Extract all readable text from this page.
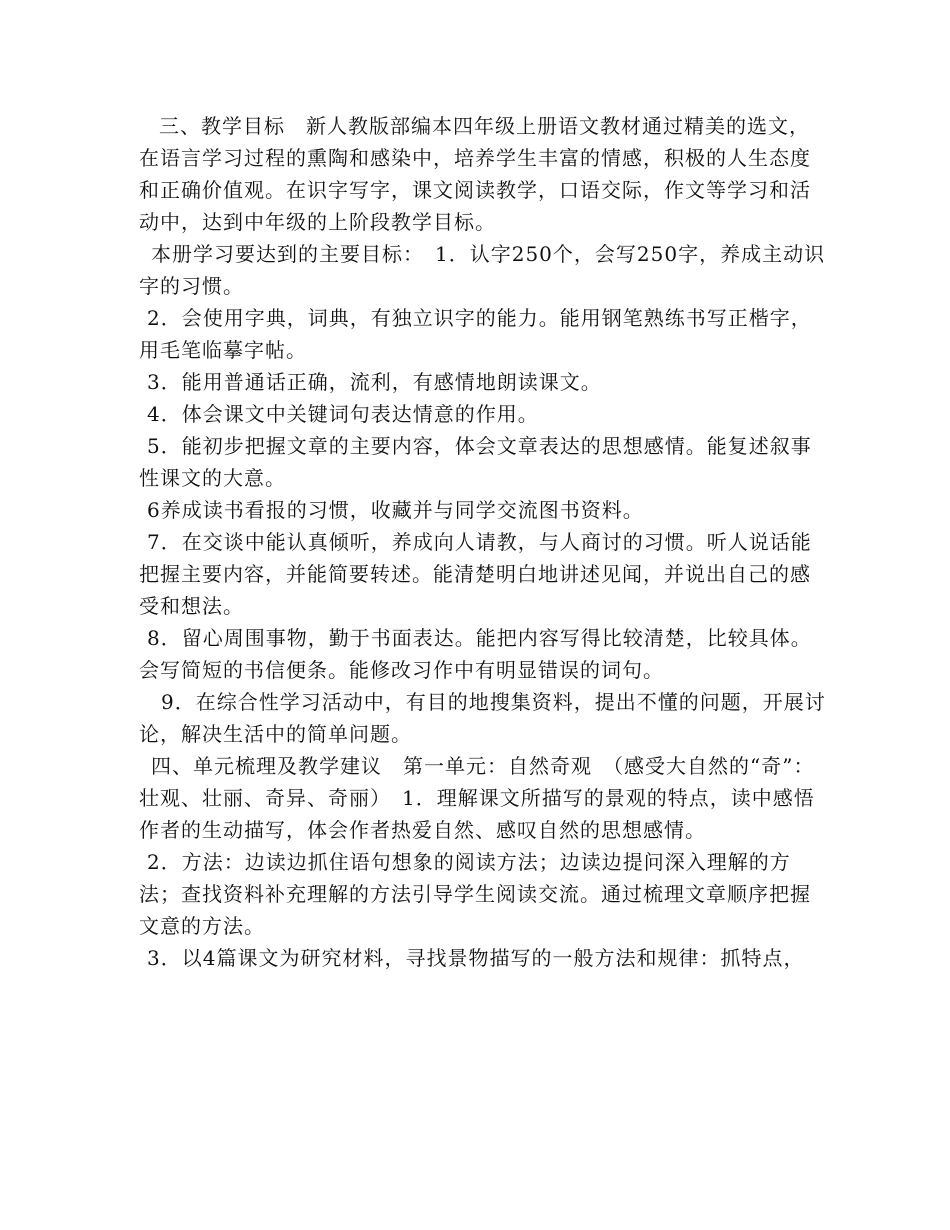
三、教学目标　新人教版部编本四年级上册语文教材通过精美的选文，在语言学习过程的熏陶和感染中，培养学生丰富的情感，积极的人生态度和正确价值观。在识字写字，课文阅读教学，口语交际，作文等学习和活动中，达到中年级的上阶段教学目标。

本册学习要达到的主要目标：　1．认字250个，会写250字，养成主动识字的习惯。

2．会使用字典，词典，有独立识字的能力。能用钢笔熟练书写正楷字，用毛笔临摹字帖。

3．能用普通话正确，流利，有感情地朗读课文。

4．体会课文中关键词句表达情意的作用。

5．能初步把握文章的主要内容，体会文章表达的思想感情。能复述叙事性课文的大意。

6养成读书看报的习惯，收藏并与同学交流图书资料。

7．在交谈中能认真倾听，养成向人请教，与人商讨的习惯。听人说话能把握主要内容，并能简要转述。能清楚明白地讲述见闻，并说出自己的感受和想法。

8．留心周围事物，勤于书面表达。能把内容写得比较清楚，比较具体。会写简短的书信便条。能修改习作中有明显错误的词句。

9．在综合性学习活动中，有目的地搜集资料，提出不懂的问题，开展讨论，解决生活中的简单问题。

四、单元梳理及教学建议　第一单元：自然奇观　（感受大自然的“奇”：壮观、壮丽、奇异、奇丽）　1．理解课文所描写的景观的特点，读中感悟作者的生动描写，体会作者热爱自然、感叹自然的思想感情。

2．方法：边读边抓住语句想象的阅读方法；边读边提问深入理解的方法；查找资料补充理解的方法引导学生阅读交流。通过梳理文章顺序把握文意的方法。

3．以4篇课文为研究材料，寻找景物描写的一般方法和规律：抓特点，
